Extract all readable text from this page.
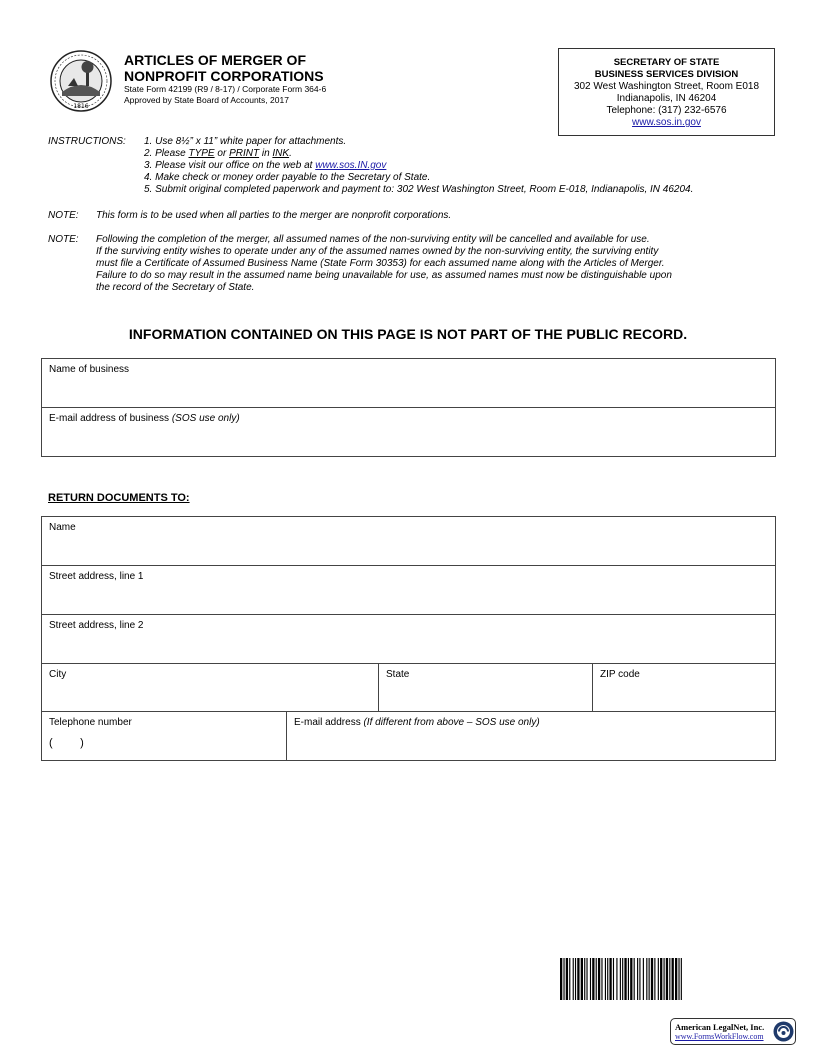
1816
ARTICLES OF MERGER OF
NONPROFIT CORPORATIONS
State Form 42199 (R9 / 8-17) / Corporate Form 364-6
Approved by State Board of Accounts, 2017
SECRETARY OF STATE
BUSINESS SERVICES DIVISION
302 West Washington Street, Room E018
Indianapolis, IN 46204
Telephone: (317) 232-6576
www.sos.in.gov
INSTRUCTIONS: 1. Use 8½” x 11” white paper for attachments.
2. Please TYPE or PRINT in INK.
3. Please visit our office on the web at www.sos.IN.gov
4. Make check or money order payable to the Secretary of State.
5. Submit original completed paperwork and payment to: 302 West Washington Street, Room E-018, Indianapolis, IN 46204.
NOTE: This form is to be used when all parties to the merger are nonprofit corporations.
NOTE: Following the completion of the merger, all assumed names of the non-surviving entity will be cancelled and available for use.

If the surviving entity wishes to operate under any of the assumed names owned by the non-surviving entity, the surviving entity

must file a Certificate of Assumed Business Name (State Form 30353) for each assumed name along with the Articles of Merger.

Failure to do so may result in the assumed name being unavailable for use, as assumed names must now be distinguishable upon

the record of the Secretary of State.

INFORMATION CONTAINED ON THIS PAGE IS NOT PART OF THE PUBLIC RECORD.
Name of business
E-mail address of business (SOS use only)
RETURN DOCUMENTS TO:
Name
Street address, line 1
Street address, line 2
City	State	ZIP code
Telephone number
(         )
E-mail address (If different from above – SOS use only)
American LegalNet, Inc.
www.FormsWorkFlow.com
